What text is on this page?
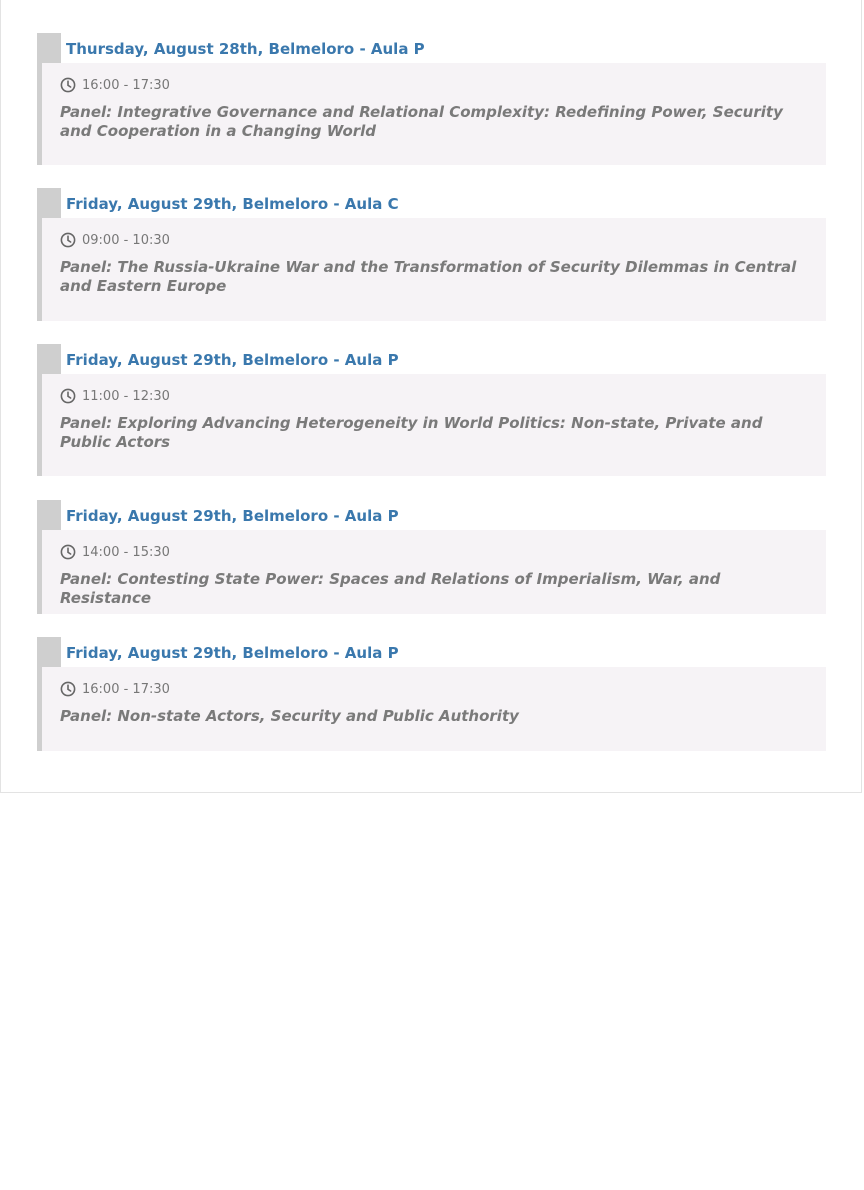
Thursday, August 28th, Belmeloro - Aula P
16:00 - 17:30
Panel: Integrative Governance and Relational Complexity: Redefining Power, Security and Cooperation in a Changing World
Friday, August 29th, Belmeloro - Aula C
09:00 - 10:30
Panel: The Russia-Ukraine War and the Transformation of Security Dilemmas in Central and Eastern Europe
Friday, August 29th, Belmeloro - Aula P
11:00 - 12:30
Panel: Exploring Advancing Heterogeneity in World Politics: Non-state, Private and Public Actors
Friday, August 29th, Belmeloro - Aula P
14:00 - 15:30
Panel: Contesting State Power: Spaces and Relations of Imperialism, War, and Resistance
Friday, August 29th, Belmeloro - Aula P
16:00 - 17:30
Panel: Non-state Actors, Security and Public Authority
